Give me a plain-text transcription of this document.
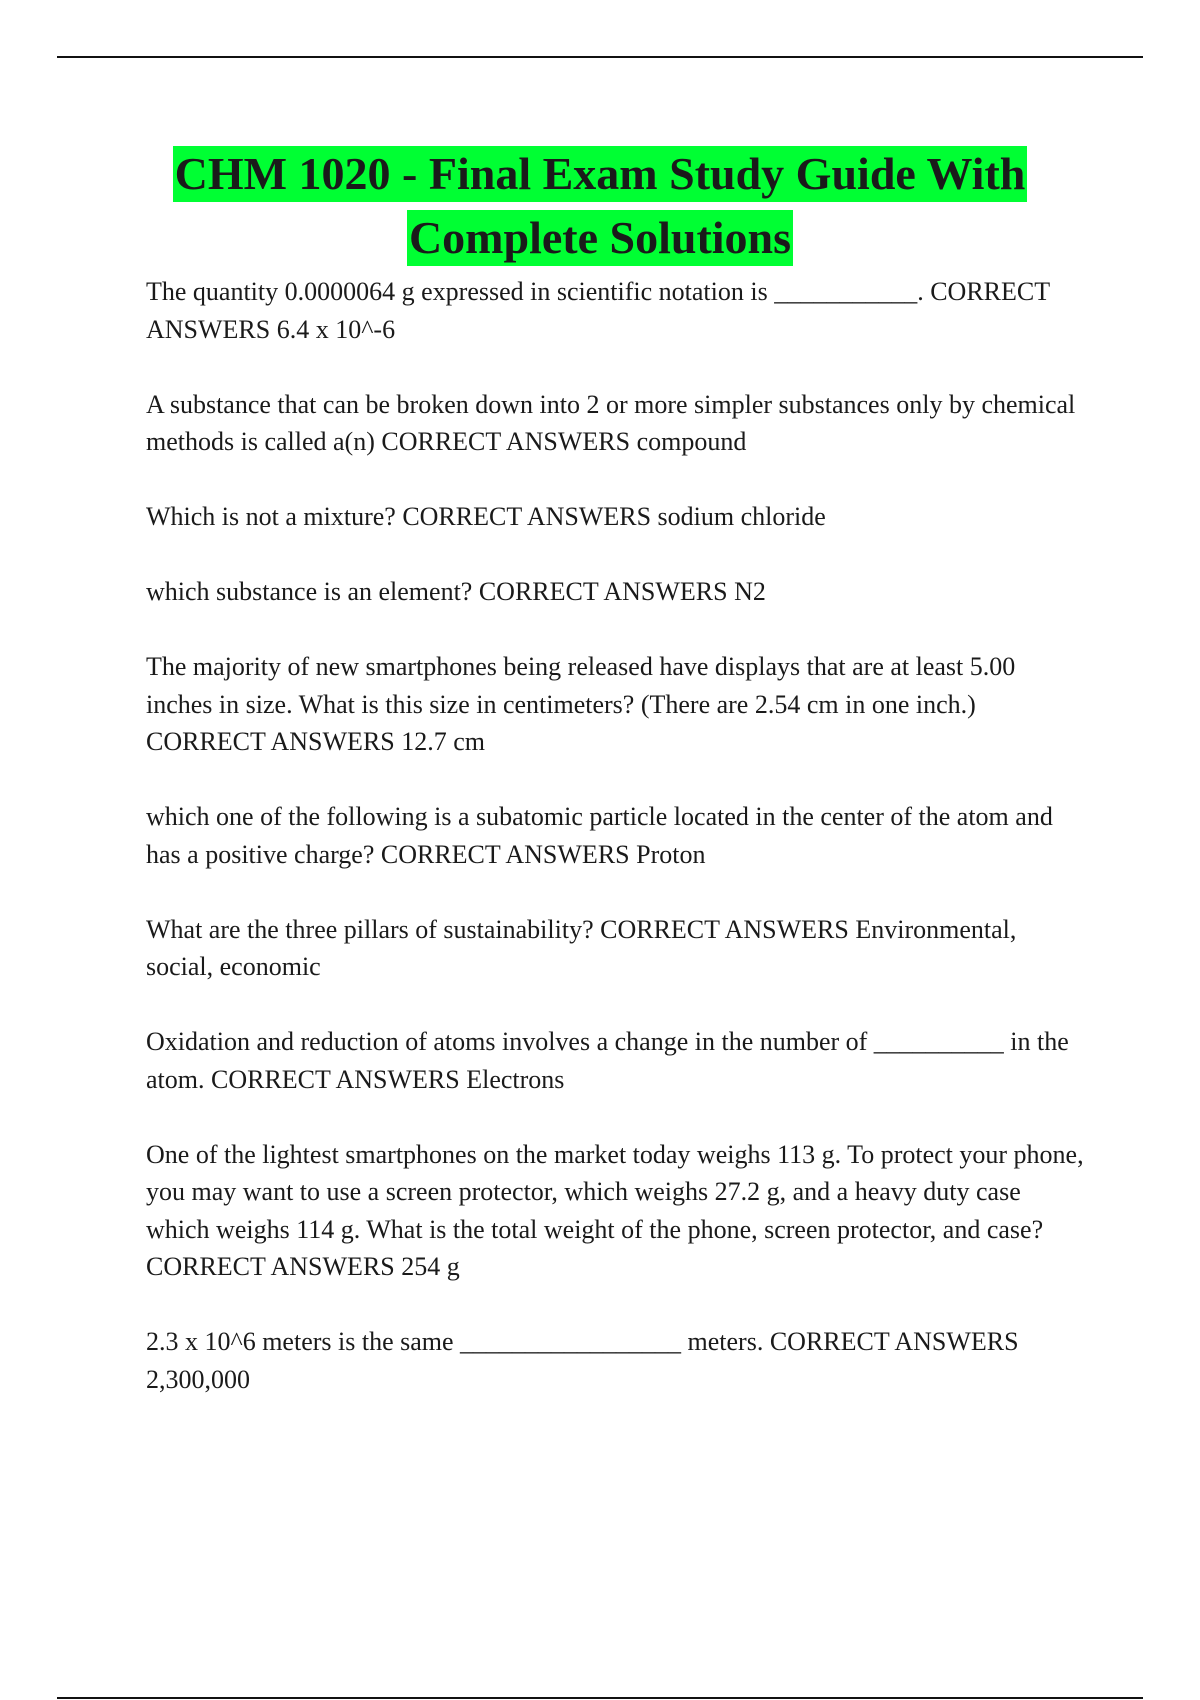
CHM 1020 - Final Exam Study Guide With
Complete Solutions
The quantity 0.0000064 g expressed in scientific notation is ___________. CORRECT ANSWERS 6.4 x 10^-6
A substance that can be broken down into 2 or more simpler substances only by chemical methods is called a(n) CORRECT ANSWERS compound
Which is not a mixture? CORRECT ANSWERS sodium chloride
which substance is an element? CORRECT ANSWERS N2
The majority of new smartphones being released have displays that are at least 5.00 inches in size. What is this size in centimeters? (There are 2.54 cm in one inch.) CORRECT ANSWERS 12.7 cm
which one of the following is a subatomic particle located in the center of the atom and has a positive charge? CORRECT ANSWERS Proton
What are the three pillars of sustainability? CORRECT ANSWERS Environmental, social, economic
Oxidation and reduction of atoms involves a change in the number of __________ in the atom. CORRECT ANSWERS Electrons
One of the lightest smartphones on the market today weighs 113 g. To protect your phone, you may want to use a screen protector, which weighs 27.2 g, and a heavy duty case which weighs 114 g. What is the total weight of the phone, screen protector, and case? CORRECT ANSWERS 254 g
2.3 x 10^6 meters is the same _________________ meters. CORRECT ANSWERS 2,300,000
